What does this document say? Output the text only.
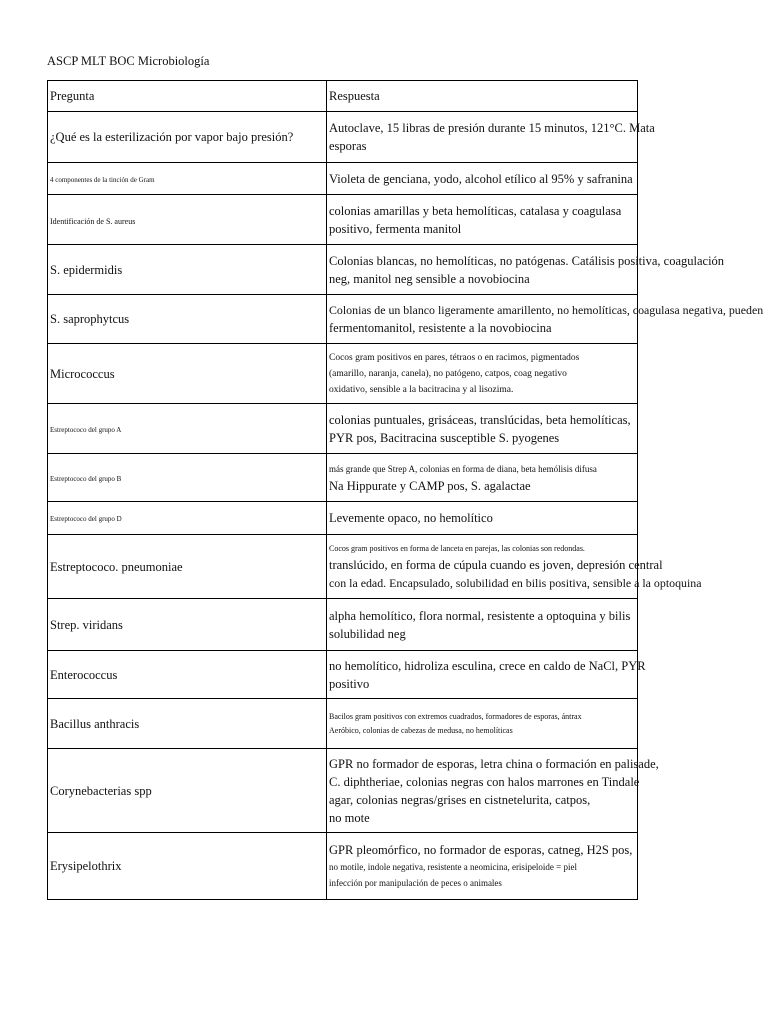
ASCP MLT BOC Microbiología
Pregunta	Respuesta
¿Qué es la esterilización por vapor bajo presión?	Autoclave, 15 libras de presión durante 15 minutos, 121°C. Mata
esporas

4 componentes de la tinción de Gram	Violeta de genciana, yodo, alcohol etílico al 95% y safranina

Identificación de S. aureus	colonias amarillas y beta hemolíticas, catalasa y coagulasa
positivo, fermenta manitol

S. epidermidis	Colonias blancas, no hemolíticas, no patógenas. Catálisis positiva, coagulación
neg, manitol neg sensible a novobiocina

S. saprophytcus	Colonias de un blanco ligeramente amarillento, no hemolíticas, coagulasa negativa, pueden
fermentomanitol, resistente a la novobiocina

Micrococcus	Cocos gram positivos en pares, tétraos o en racimos, pigmentados
(amarillo, naranja, canela), no patógeno, catpos, coag negativo
oxidativo, sensible a la bacitracina y al lisozima.

Estreptococo del grupo A	colonias puntuales, grisáceas, translúcidas, beta hemolíticas,
PYR pos, Bacitracina susceptible S. pyogenes

Estreptococo del grupo B	más grande que Strep A, colonias en forma de diana, beta hemólisis difusa
Na Hippurate y CAMP pos, S. agalactae

Estreptococo del grupo D	Levemente opaco, no hemolítico

Estreptococo. pneumoniae	Cocos gram positivos en forma de lanceta en parejas, las colonias son redondas.
translúcido, en forma de cúpula cuando es joven, depresión central
con la edad. Encapsulado, solubilidad en bilis positiva, sensible a la optoquina

Strep. viridans	alpha hemolítico, flora normal, resistente a optoquina y bilis
solubilidad neg

Enterococcus	no hemolítico, hidroliza esculina, crece en caldo de NaCl, PYR
positivo

Bacillus anthracis	Bacilos gram positivos con extremos cuadrados, formadores de esporas, ántrax
Aeróbico, colonias de cabezas de medusa, no hemolíticas

Corynebacterias spp	GPR no formador de esporas, letra china o formación en palisade,
C. diphtheriae, colonias negras con halos marrones en Tindale
agar, colonias negras/grises en cistnetelurita, catpos,
no mote

Erysipelothrix	GPR pleomórfico, no formador de esporas, catneg, H2S pos,
no motile, indole negativa, resistente a neomicina, erisipeloide = piel
infección por manipulación de peces o animales
